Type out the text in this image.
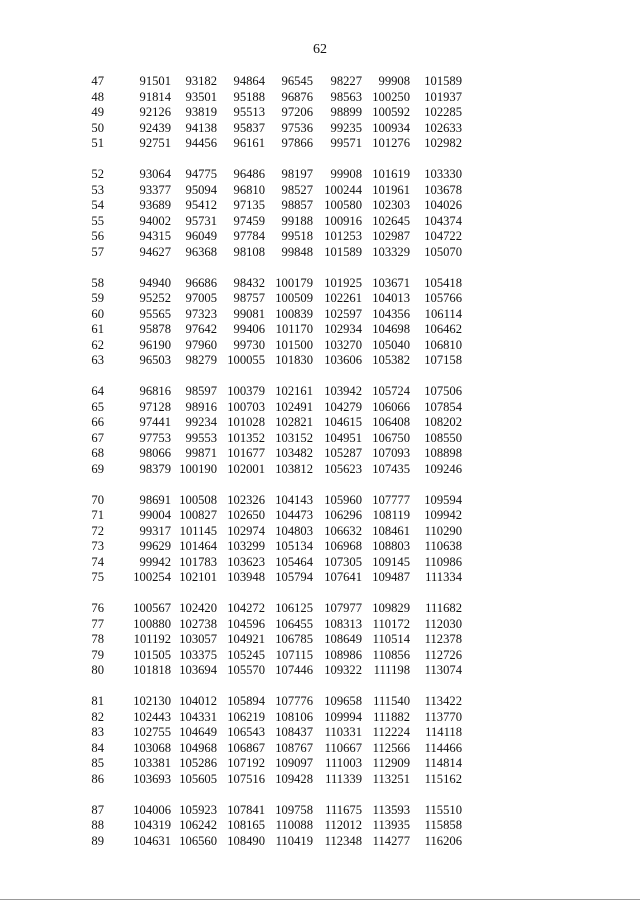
62
47	91501	93182	94864	96545	98227	99908	101589
48	91814	93501	95188	96876	98563 100250	101937
49	92126	93819	95513	97206	98899 100592	102285
50	92439	94138	95837	97536	99235 100934	102633
51	92751	94456	96161	97866	99571 101276	102982
52	93064	94775	96486	98197	99908 101619	103330
53	93377	95094	96810	98527 100244 101961	103678
54	93689	95412	97135	98857 100580 102303	104026
55	94002	95731	97459	99188 100916 102645	104374
56	94315	96049	97784	99518 101253 102987	104722
57	94627	96368	98108	99848 101589 103329	105070
58	94940	96686	98432 100179 101925 103671	105418
59	95252	97005	98757 100509 102261 104013	105766
60	95565	97323	99081 100839 102597 104356	106114
61	95878	97642	99406 101170 102934 104698	106462
62	96190	97960	99730 101500 103270 105040	106810
63	96503	98279 100055 101830 103606 105382	107158
64	96816	98597 100379 102161 103942 105724	107506
65	97128	98916 100703 102491 104279 106066	107854
66	97441	99234 101028 102821 104615 106408	108202
67	97753	99553 101352 103152 104951 106750	108550
68	98066	99871 101677 103482 105287 107093	108898
69	98379 100190 102001 103812 105623 107435	109246
70	98691 100508 102326 104143 105960 107777	109594
71	99004 100827 102650 104473 106296 108119	109942
72	99317 101145 102974 104803 106632 108461	110290
73	99629 101464 103299 105134 106968 108803	110638
74	99942 101783 103623 105464 107305 109145	110986
75	100254 102101 103948 105794 107641 109487	111334
76	100567 102420 104272 106125 107977 109829	111682
77	100880 102738 104596 106455 108313 110172	112030
78	101192 103057 104921 106785 108649 110514	112378
79	101505 103375 105245 107115 108986 110856	112726
80	101818 103694 105570 107446 109322 111198	113074
81	102130 104012 105894 107776 109658 111540	113422
82	102443 104331 106219 108106 109994 111882	113770
83	102755 104649 106543 108437 110331 112224	114118
84	103068 104968 106867 108767 110667 112566	114466
85	103381 105286 107192 109097 111003 112909	114814
86	103693 105605 107516 109428 111339 113251	115162
87	104006 105923 107841 109758 111675 113593	115510
88	104319 106242 108165 110088 112012 113935	115858
89	104631 106560 108490 110419 112348 114277	116206
